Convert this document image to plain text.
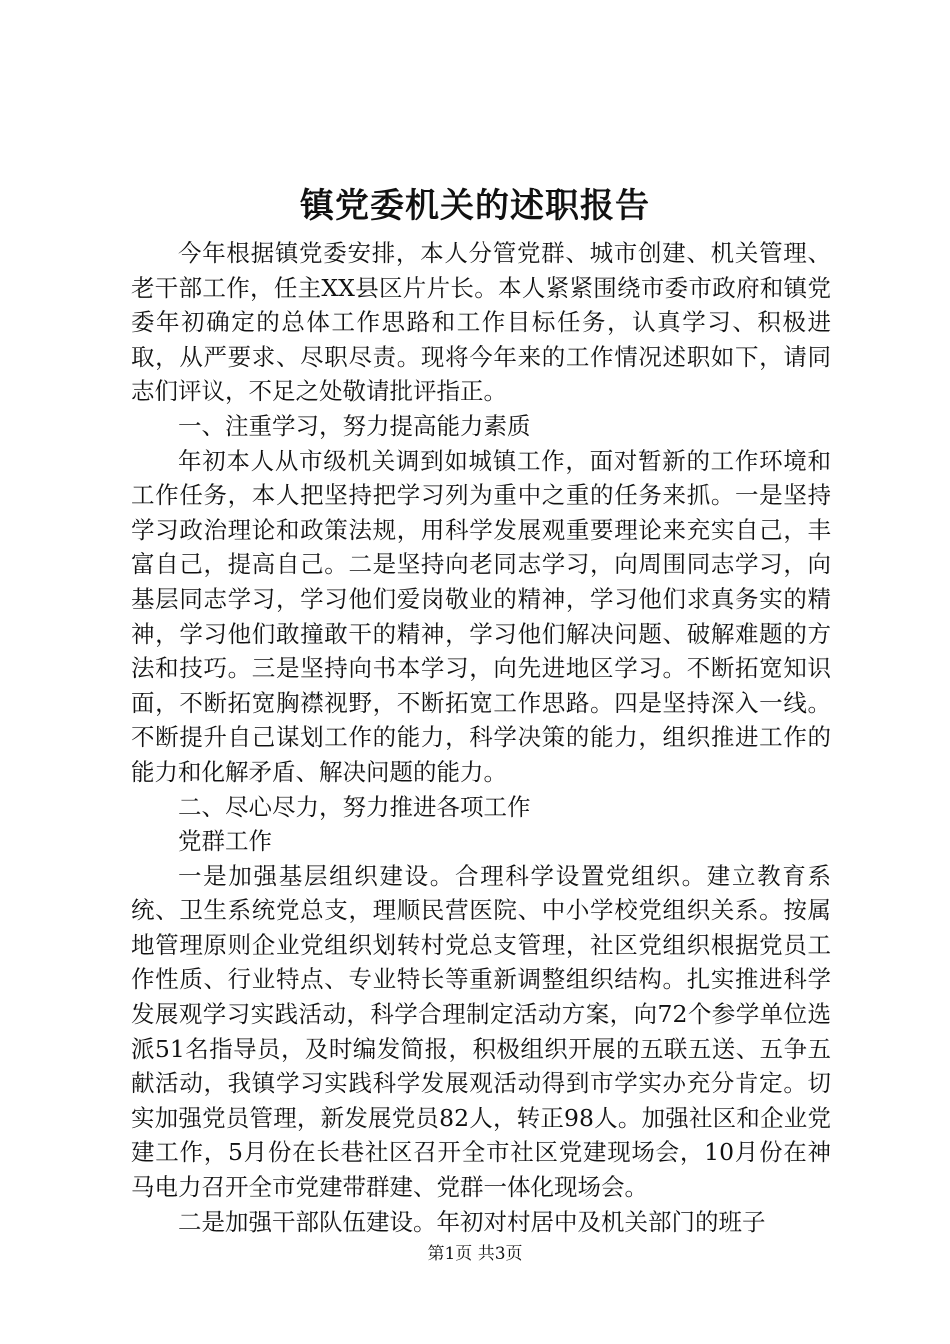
镇党委机关的述职报告

今年根据镇党委安排，本人分管党群、城市创建、机关管理、老干部工作，任主XX县区片片长。本人紧紧围绕市委市政府和镇党委年初确定的总体工作思路和工作目标任务，认真学习、积极进取，从严要求、尽职尽责。现将今年来的工作情况述职如下，请同志们评议，不足之处敬请批评指正。

一、注重学习，努力提高能力素质

年初本人从市级机关调到如城镇工作，面对暂新的工作环境和工作任务，本人把坚持把学习列为重中之重的任务来抓。一是坚持学习政治理论和政策法规，用科学发展观重要理论来充实自己，丰富自己，提高自己。二是坚持向老同志学习，向周围同志学习，向基层同志学习，学习他们爱岗敬业的精神，学习他们求真务实的精神，学习他们敢撞敢干的精神，学习他们解决问题、破解难题的方法和技巧。三是坚持向书本学习，向先进地区学习。不断拓宽知识面，不断拓宽胸襟视野，不断拓宽工作思路。四是坚持深入一线。不断提升自己谋划工作的能力，科学决策的能力，组织推进工作的能力和化解矛盾、解决问题的能力。

二、尽心尽力，努力推进各项工作

党群工作

一是加强基层组织建设。合理科学设置党组织。建立教育系统、卫生系统党总支，理顺民营医院、中小学校党组织关系。按属地管理原则企业党组织划转村党总支管理，社区党组织根据党员工作性质、行业特点、专业特长等重新调整组织结构。扎实推进科学发展观学习实践活动，科学合理制定活动方案，向72个参学单位选派51名指导员，及时编发简报，积极组织开展的五联五送、五争五献活动，我镇学习实践科学发展观活动得到市学实办充分肯定。切实加强党员管理，新发展党员82人，转正98人。加强社区和企业党建工作，5月份在长巷社区召开全市社区党建现场会，10月份在神马电力召开全市党建带群建、党群一体化现场会。

二是加强干部队伍建设。年初对村居中及机关部门的班子

第1页 共3页
